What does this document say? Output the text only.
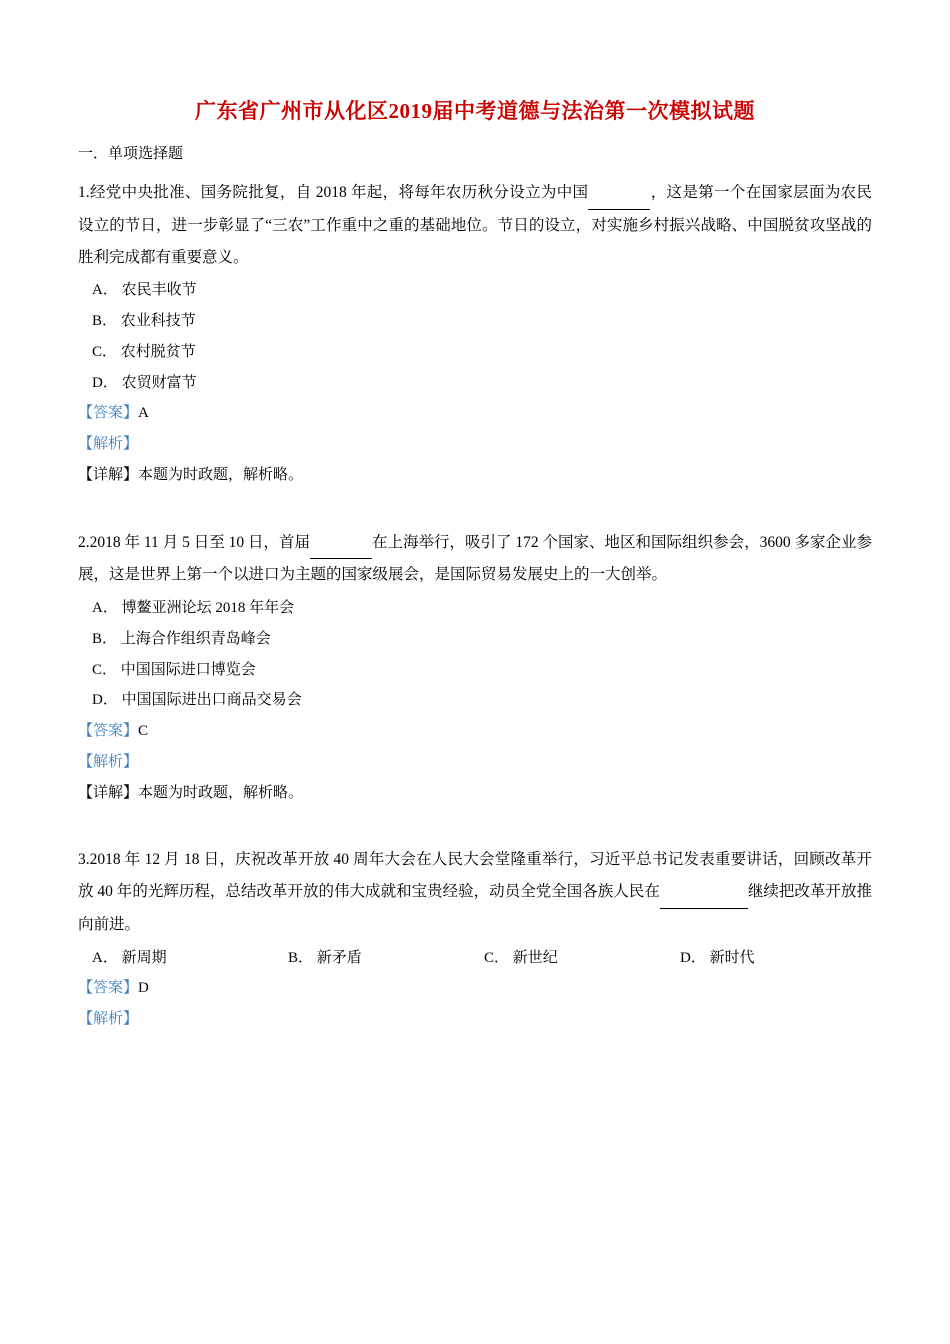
广东省广州市从化区2019届中考道德与法治第一次模拟试题

一．单项选择题

1.经党中央批准、国务院批复，自 2018 年起，将每年农历秋分设立为中国	，这是第一个在国家层面为农民设立的节日，进一步彰显了“三农”工作重中之重的基础地位。节日的设立，对实施乡村振兴战略、中国脱贫攻坚战的胜利完成都有重要意义。

A． 农民丰收节

B． 农业科技节

C． 农村脱贫节

D． 农贸财富节

【答案】A

【解析】

【详解】本题为时政题，解析略。

2.2018 年 11 月 5 日至 10 日，首届	在上海举行，吸引了 172 个国家、地区和国际组织参会，3600 多家企业参展，这是世界上第一个以进口为主题的国家级展会，是国际贸易发展史上的一大创举。

A． 博鳌亚洲论坛 2018 年年会

B． 上海合作组织青岛峰会

C． 中国国际进口博览会

D． 中国国际进出口商品交易会

【答案】C

【解析】

【详解】本题为时政题，解析略。

3.2018 年 12 月 18 日，庆祝改革开放 40 周年大会在人民大会堂隆重举行，习近平总书记发表重要讲话，回顾改革开放 40 年的光辉历程，总结改革开放的伟大成就和宝贵经验，动员全党全国各族人民在	继续把改革开放推向前进。

A． 新周期	B． 新矛盾	C． 新世纪	D． 新时代

【答案】D

【解析】
